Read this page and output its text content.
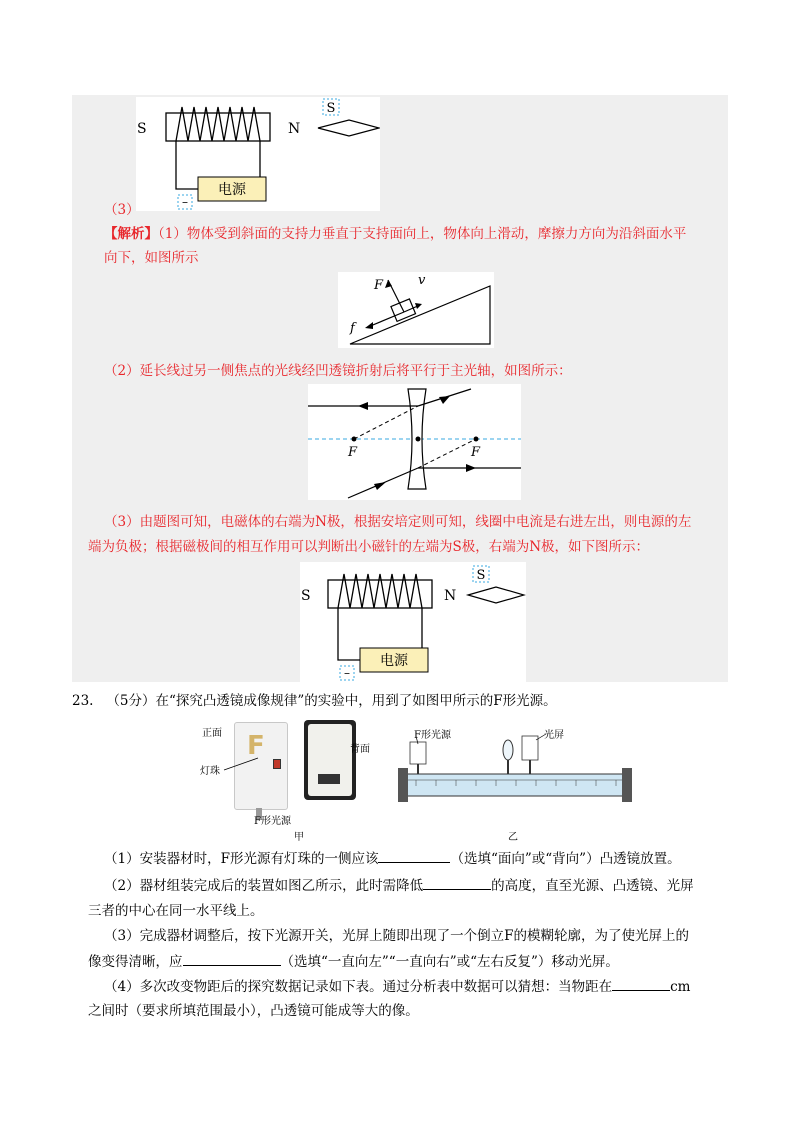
电源
–
S	N
S
（3）
【解析】（1）物体受到斜面的支持力垂直于支持面向上，物体向上滑动，摩擦力方向为沿斜面水平
向下，如图所示
F	v
f
（2）延长线过另一侧焦点的光线经凹透镜折射后将平行于主光轴，如图所示：
F	F
（3）由题图可知，电磁体的右端为N极，根据安培定则可知，线圈中电流是右进左出，则电源的左
端为负极；根据磁极间的相互作用可以判断出小磁针的左端为S极，右端为N极，如下图所示：
电源
–
S	N
S
23. （5分）在“探究凸透镜成像规律”的实验中，用到了如图甲所示的F形光源。
正面 F
灯珠
背面
F形光源
甲
F形光源	光屏
乙
（1）安装器材时，F形光源有灯珠的一侧应该	（选填“面向”或“背向”）凸透镜放置。
（2）器材组装完成后的装置如图乙所示，此时需降低	的高度，直至光源、凸透镜、光屏
三者的中心在同一水平线上。
（3）完成器材调整后，按下光源开关，光屏上随即出现了一个倒立F的模糊轮廓，为了使光屏上的
像变得清晰，应	（选填“一直向左”“一直向右”或“左右反复”）移动光屏。
（4）多次改变物距后的探究数据记录如下表。通过分析表中数据可以猜想：当物距在	cm
之间时（要求所填范围最小），凸透镜可能成等大的像。
